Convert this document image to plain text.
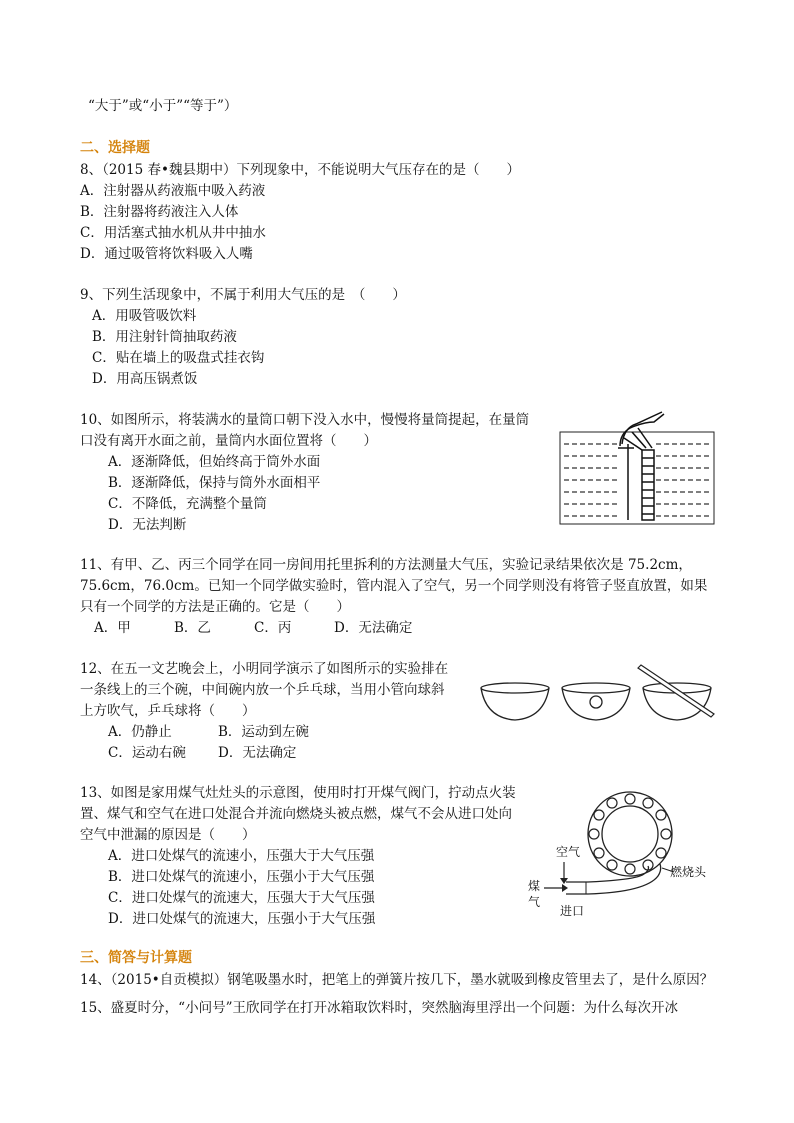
“大于”或“小于”“等于”）
二、选择题
8、（2015 春•魏县期中）下列现象中，不能说明大气压存在的是（　　）
A．注射器从药液瓶中吸入药液
B．注射器将药液注入人体
C．用活塞式抽水机从井中抽水
D．通过吸管将饮料吸入人嘴
9、下列生活现象中，不属于利用大气压的是　（　　）
A．用吸管吸饮料
B．用注射针筒抽取药液
C．贴在墙上的吸盘式挂衣钩
D．用高压锅煮饭
10、如图所示，将装满水的量筒口朝下没入水中，慢慢将量筒提起，在量筒
口没有离开水面之前，量筒内水面位置将（　　）
A．逐渐降低，但始终高于筒外水面
B．逐渐降低，保持与筒外水面相平
C．不降低，充满整个量筒
D．无法判断
11、有甲、乙、丙三个同学在同一房间用托里拆利的方法测量大气压，实验记录结果依次是 75.2cm，
75.6cm，76.0cm。已知一个同学做实验时，管内混入了空气，另一个同学则没有将管子竖直放置，如果
只有一个同学的方法是正确的。它是（　　）
A．甲	B．乙	C．丙	D．无法确定
12、在五一文艺晚会上，小明同学演示了如图所示的实验排在
一条线上的三个碗，中间碗内放一个乒乓球，当用小管向球斜
上方吹气，乒乓球将（　　）
A．仍静止	B．运动到左碗
C．运动右碗 D．无法确定
13、如图是家用煤气灶灶头的示意图，使用时打开煤气阀门，拧动点火装
置、煤气和空气在进口处混合并流向燃烧头被点燃，煤气不会从进口处向
空气中泄漏的原因是（　　）
A．进口处煤气的流速小，压强大于大气压强
B．进口处煤气的流速小，压强小于大气压强
C．进口处煤气的流速大，压强大于大气压强
D．进口处煤气的流速大，压强小于大气压强
空气
煤
气
进口
燃烧头
三、简答与计算题
14、（2015•自贡模拟）钢笔吸墨水时，把笔上的弹簧片按几下，墨水就吸到橡皮管里去了，是什么原因？
15、盛夏时分，“小问号”王欣同学在打开冰箱取饮料时，突然脑海里浮出一个问题：为什么每次开冰
